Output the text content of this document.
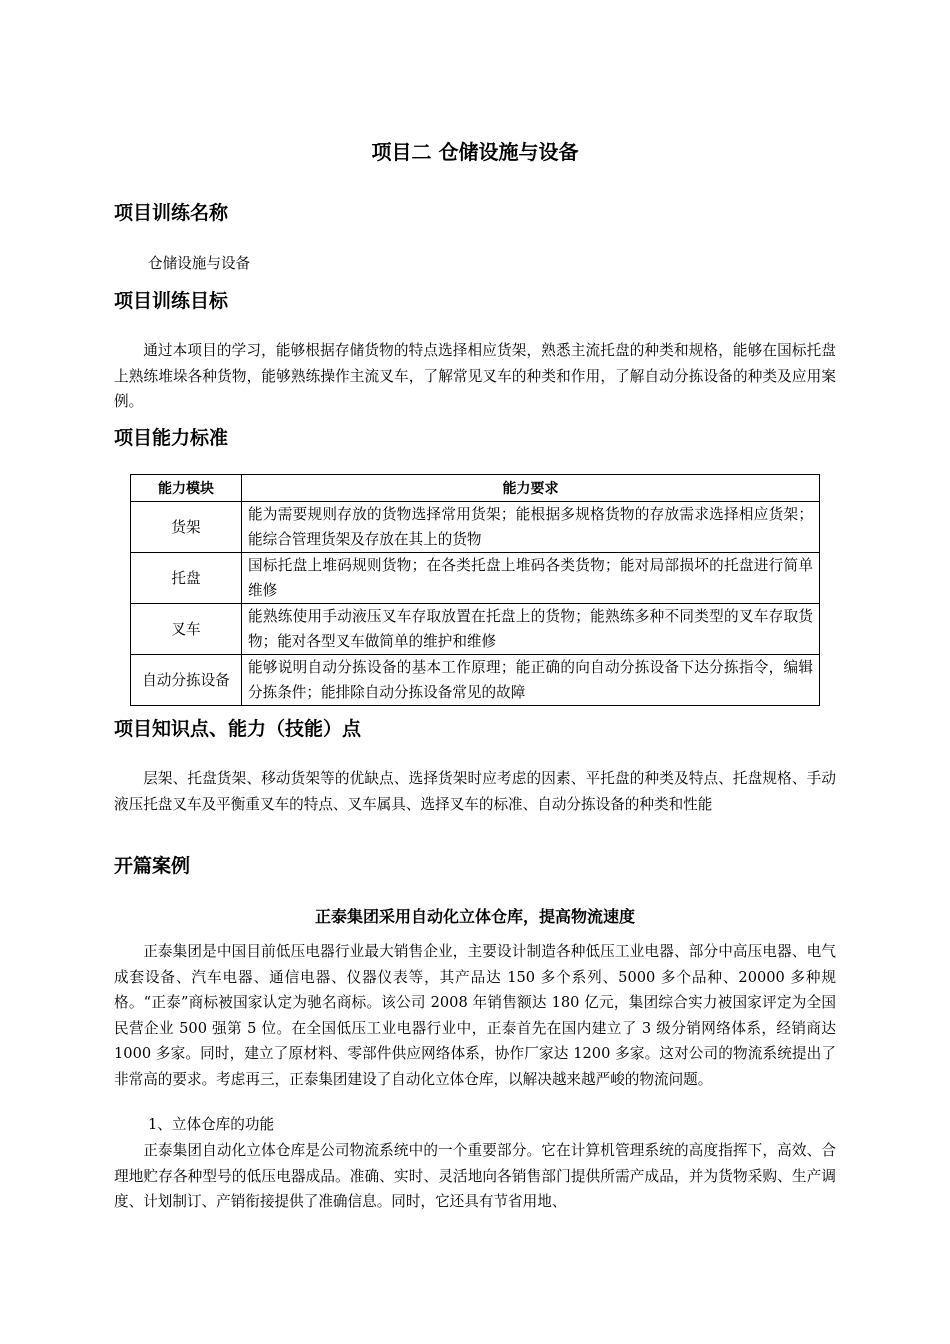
项目二 仓储设施与设备
项目训练名称
仓储设施与设备
项目训练目标

通过本项目的学习，能够根据存储货物的特点选择相应货架，熟悉主流托盘的种类和规格，能够在国标托盘上熟练堆垛各种货物，能够熟练操作主流叉车，了解常见叉车的种类和作用，了解自动分拣设备的种类及应用案例。

项目能力标准
能力模块	能力要求
货架	能为需要规则存放的货物选择常用货架；能根据多规格货物的存放需求选择相应货架；能综合管理货架及存放在其上的货物
托盘	国标托盘上堆码规则货物；在各类托盘上堆码各类货物；能对局部损坏的托盘进行简单维修
叉车	能熟练使用手动液压叉车存取放置在托盘上的货物；能熟练多种不同类型的叉车存取货物；能对各型叉车做简单的维护和维修
自动分拣设备	能够说明自动分拣设备的基本工作原理；能正确的向自动分拣设备下达分拣指令，编辑分拣条件；能排除自动分拣设备常见的故障
项目知识点、能力（技能）点

层架、托盘货架、移动货架等的优缺点、选择货架时应考虑的因素、平托盘的种类及特点、托盘规格、手动液压托盘叉车及平衡重叉车的特点、叉车属具、选择叉车的标准、自动分拣设备的种类和性能

开篇案例
正泰集团采用自动化立体仓库，提高物流速度

正泰集团是中国目前低压电器行业最大销售企业，主要设计制造各种低压工业电器、部分中高压电器、电气成套设备、汽车电器、通信电器、仪器仪表等，其产品达 150 多个系列、5000 多个品种、20000 多种规格。“正泰”商标被国家认定为驰名商标。该公司 2008 年销售额达 180 亿元，集团综合实力被国家评定为全国民营企业 500 强第 5 位。在全国低压工业电器行业中，正泰首先在国内建立了 3 级分销网络体系，经销商达 1000 多家。同时，建立了原材料、零部件供应网络体系，协作厂家达 1200 多家。这对公司的物流系统提出了非常高的要求。考虑再三，正泰集团建设了自动化立体仓库，以解决越来越严峻的物流问题。

1、立体仓库的功能

正泰集团自动化立体仓库是公司物流系统中的一个重要部分。它在计算机管理系统的高度指挥下，高效、合理地贮存各种型号的低压电器成品。准确、实时、灵活地向各销售部门提供所需产成品，并为货物采购、生产调度、计划制订、产销衔接提供了准确信息。同时，它还具有节省用地、
